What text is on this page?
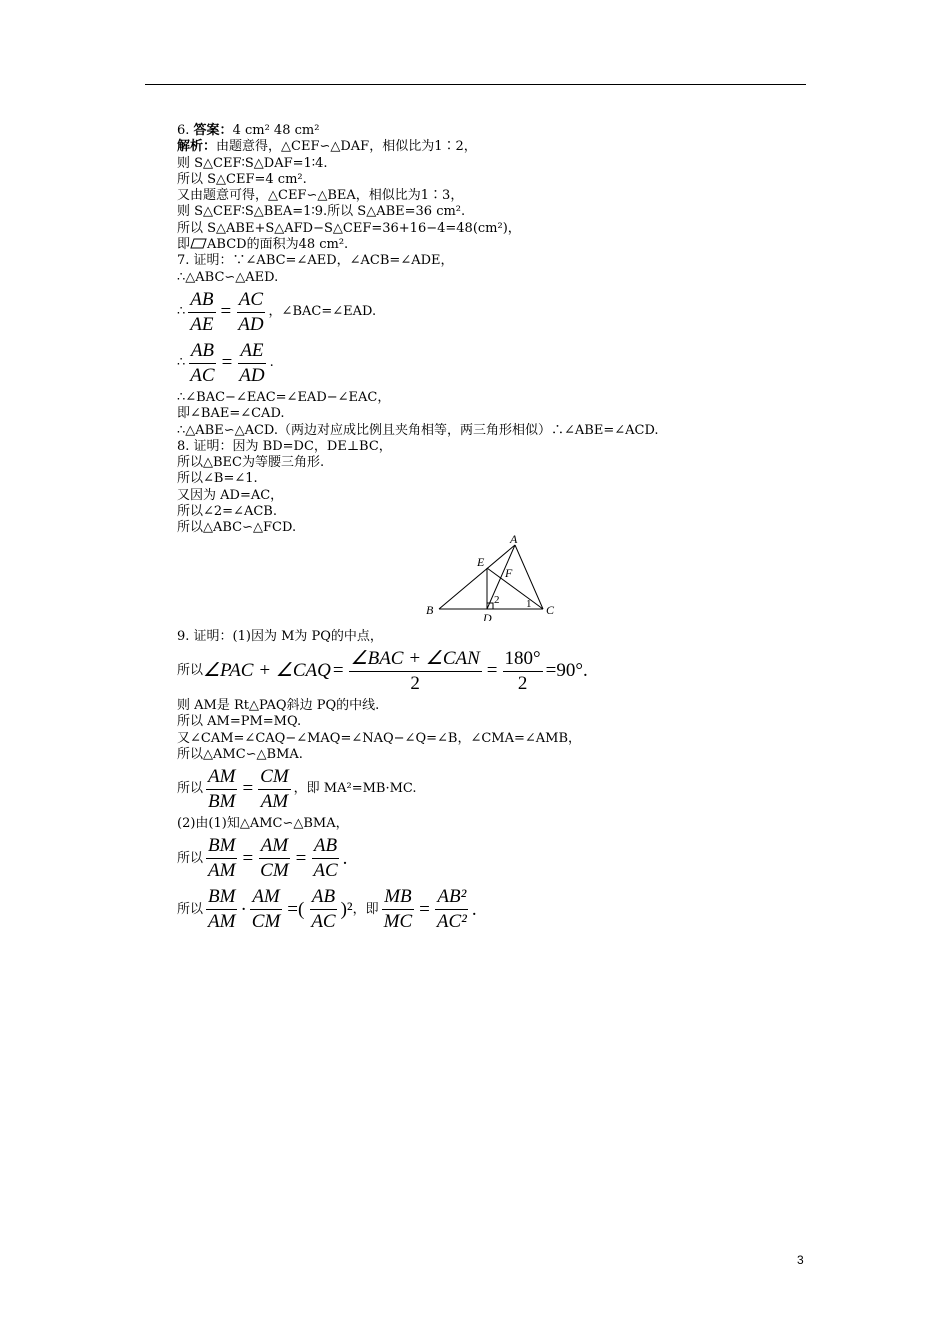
6. 答案：4 cm² 48 cm²
解析：由题意得，△CEF∽△DAF，相似比为1∶2，
则 S△CEF∶S△DAF=1∶4.
所以 S△CEF=4 cm².
又由题意可得，△CEF∽△BEA，相似比为1∶3，
则 S△CEF∶S△BEA=1∶9.所以 S△ABE=36 cm².
所以 S△ABE+S△AFD−S△CEF=36+16−4=48(cm²)，
即 ABCD的面积为48 cm².
7. 证明：∵∠ABC=∠AED，∠ACB=∠ADE，
∴△ABC∽△AED.
∴ $\frac{AB}{AE} = \frac{AC}{AD}$ ，∠BAC=∠EAD.
∴ $\frac{AB}{AC} = \frac{AE}{AD}$ .
∴∠BAC−∠EAC=∠EAD−∠EAC，
即∠BAE=∠CAD.
∴△ABE∽△ACD.（两边对应成比例且夹角相等，两三角形相似）∴∠ABE=∠ACD.
8. 证明：因为 BD=DC，DE⊥BC，
所以△BEC为等腰三角形.
所以∠B=∠1.
又因为 AD=AC，
所以∠2=∠ACB.
所以△ABC∽△FCD.
A
B	C
D
E
F
1
2
9. 证明：(1)因为 M为 PQ的中点，
所以 ∠PAC + ∠CAQ = $\frac{\text{∠BAC + ∠CAN}}{2} = \frac{180^\circ}{2} =90^\circ$.
则 AM是 Rt△PAQ斜边 PQ的中线.
所以 AM=PM=MQ.
又∠CAM=∠CAQ−∠MAQ=∠NAQ−∠Q=∠B，∠CMA=∠AMB，
所以△AMC∽△BMA.
所以 $\frac{AM}{BM} = \frac{CM}{AM}$ ，即 MA²=MB·MC.
(2)由(1)知△AMC∽△BMA，
所以 $\frac{BM}{AM} = \frac{AM}{CM} = \frac{AB}{AC}$ .
所以 $\frac{BM}{AM} \cdot \frac{AM}{CM}$ =( $\frac{AB}{AC} )^2$ ，即 $\frac{MB}{MC} = \frac{\text{AB²}}{\text{AC²}}$ .
3
